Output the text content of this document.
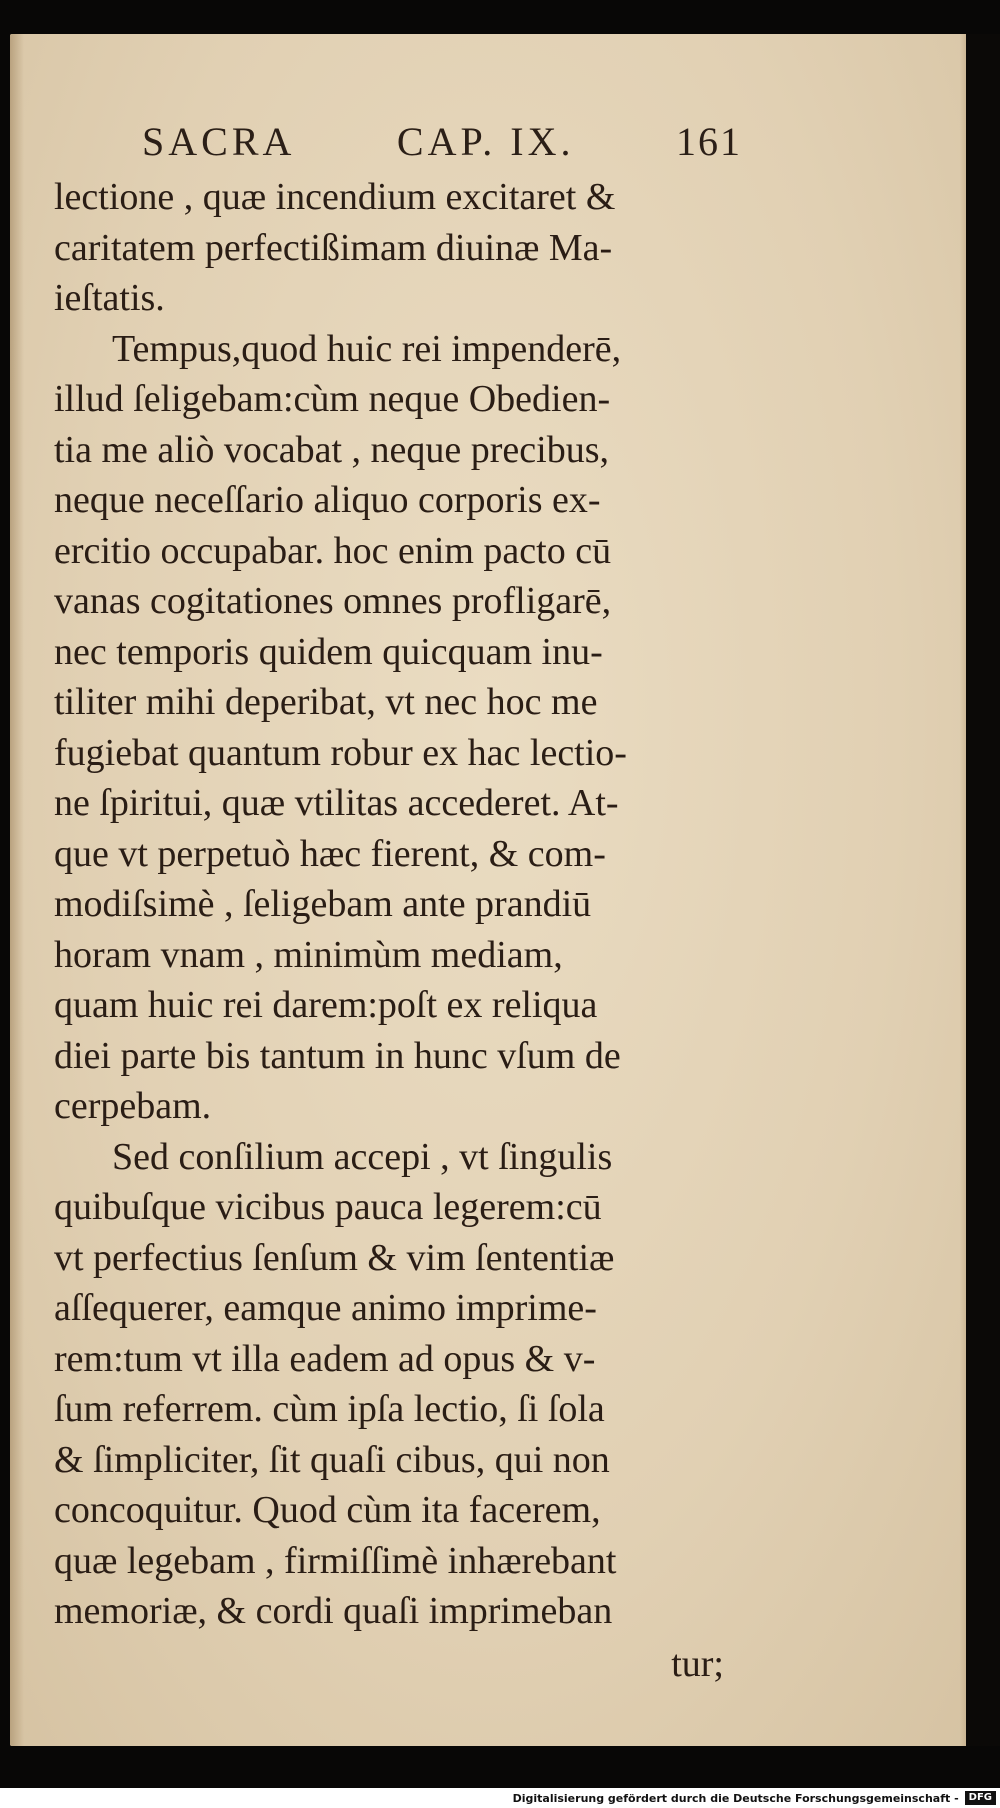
SACRA	CAP. IX.	161
lectione , quæ incendium excitaret &
caritatem perfectißimam diuinæ Ma-
ieſtatis.
Tempus,quod huic rei impenderē,
illud ſeligebam:cùm neque Obedien-
tia me aliò vocabat , neque precibus,
neque neceſſario aliquo corporis ex-
ercitio occupabar. hoc enim pacto cū
vanas cogitationes omnes profligarē,
nec temporis quidem quicquam inu-
tiliter mihi deperibat, vt nec hoc me
fugiebat quantum robur ex hac lectio-
ne ſpiritui, quæ vtilitas accederet. At-
que vt perpetuò hæc fierent, & com-
modiſsimè , ſeligebam ante prandiū
horam vnam , minimùm mediam,
quam huic rei darem:poſt ex reliqua
diei parte bis tantum in hunc vſum de
cerpebam.
Sed conſilium accepi , vt ſingulis
quibuſque vicibus pauca legerem:cū
vt perfectius ſenſum & vim ſententiæ
aſſequerer, eamque animo imprime-
rem:tum vt illa eadem ad opus & v-
ſum referrem. cùm ipſa lectio, ſi ſola
& ſimpliciter, ſit quaſi cibus, qui non
concoquitur. Quod cùm ita facerem,
quæ legebam , firmiſſimè inhærebant
memoriæ, & cordi quaſi imprimeban
tur;
Digitalisierung gefördert durch die Deutsche Forschungsgemeinschaft -	DFG
